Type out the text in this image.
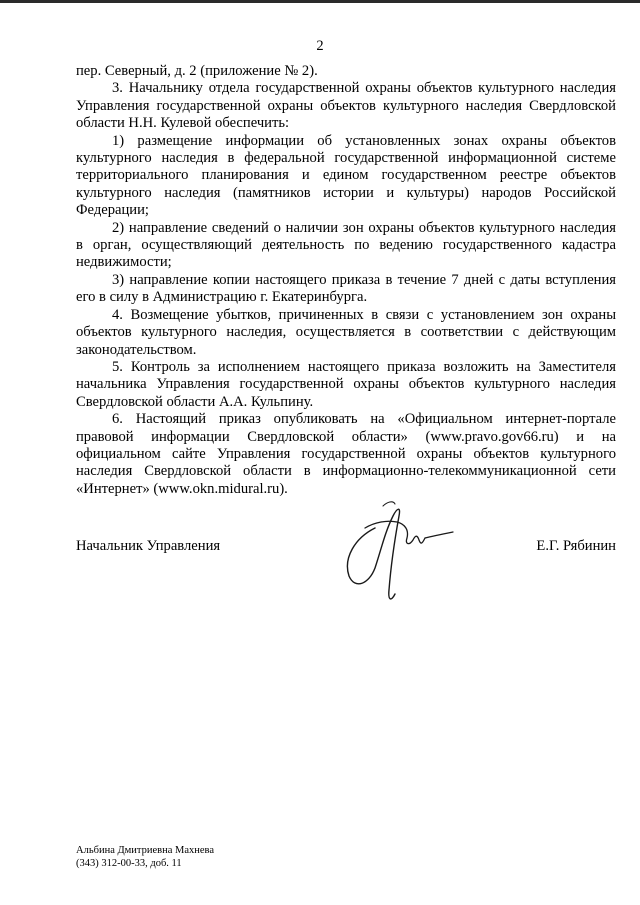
2

пер. Северный, д. 2 (приложение № 2).

3. Начальнику отдела государственной охраны объектов культурного наследия Управления государственной охраны объектов культурного наследия Свердловской области Н.Н. Кулевой обеспечить:

1) размещение информации об установленных зонах охраны объектов культурного наследия в федеральной государственной информационной системе территориального планирования и едином государственном реестре объектов культурного наследия (памятников истории и культуры) народов Российской Федерации;

2) направление сведений о наличии зон охраны объектов культурного наследия в орган, осуществляющий деятельность по ведению государственного кадастра недвижимости;

3) направление копии настоящего приказа в течение 7 дней с даты вступления его в силу в Администрацию г. Екатеринбурга.

4. Возмещение убытков, причиненных в связи с установлением зон охраны объектов культурного наследия, осуществляется в соответствии с действующим законодательством.

5. Контроль за исполнением настоящего приказа возложить на Заместителя начальника Управления государственной охраны объектов культурного наследия Свердловской области А.А. Кульпину.

6. Настоящий приказ опубликовать на «Официальном интернет-портале правовой информации Свердловской области» (www.pravo.gov66.ru) и на официальном сайте Управления государственной охраны объектов культурного наследия Свердловской области в информационно-телекоммуникационной сети «Интернет» (www.okn.midural.ru).

Начальник Управления	Е.Г. Рябинин
Альбина Дмитриевна Махнева
(343) 312-00-33, доб. 11
